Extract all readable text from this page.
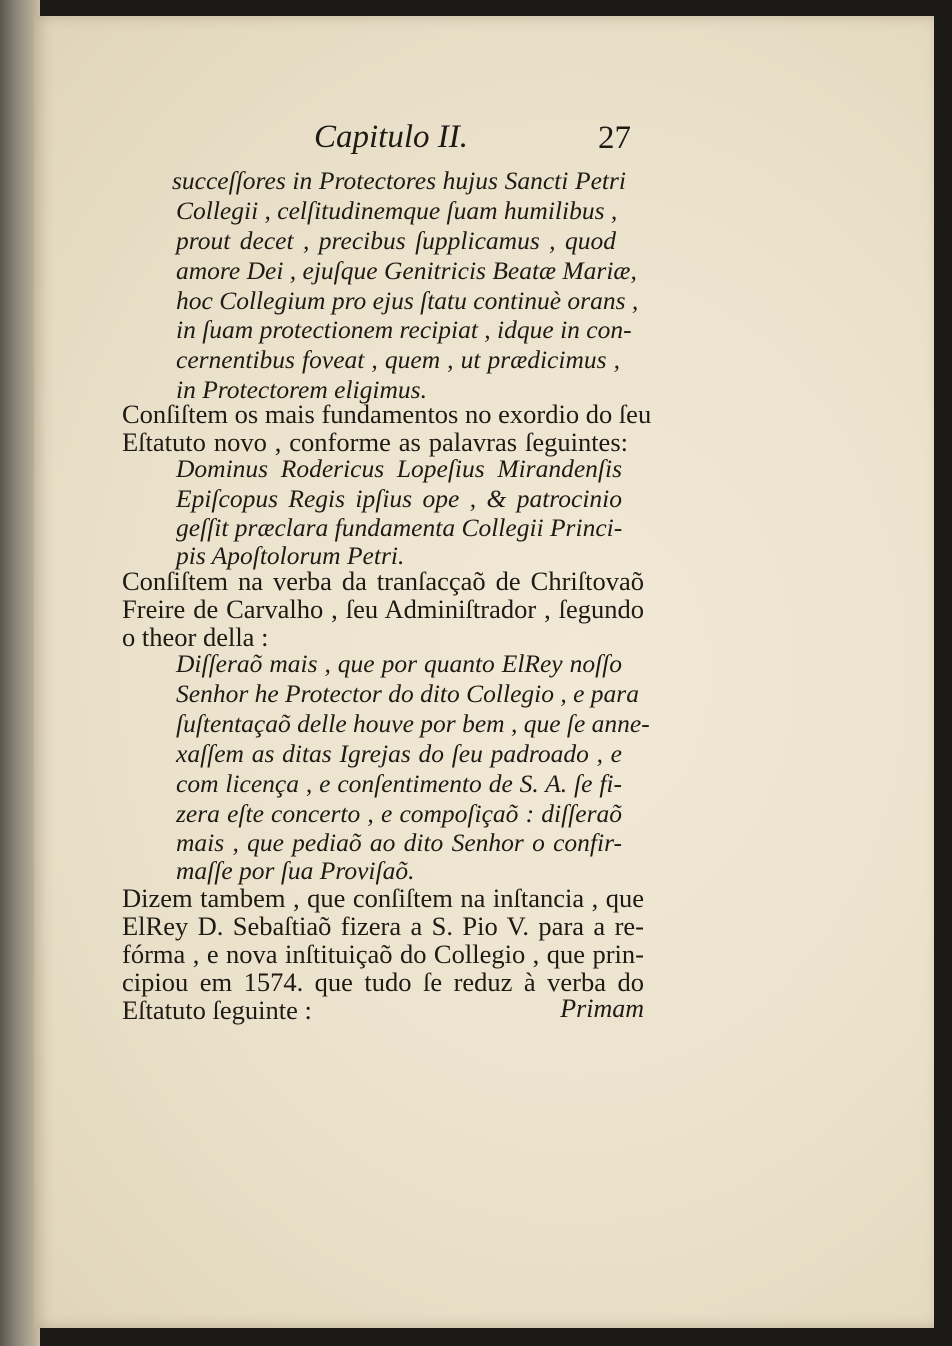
Capitulo II.	27
succeſſores in Protectores hujus Sancti Petri
Collegii , celſitudinemque ſuam humilibus ,
prout decet , precibus ſupplicamus , quod
amore Dei , ejuſque Genitricis Beatæ Mariæ,
hoc Collegium pro ejus ſtatu continuè orans ,
in ſuam protectionem recipiat , idque in con-
cernentibus foveat , quem , ut prædicimus ,
in Protectorem eligimus.
Conſiſtem os mais fundamentos no exordio do ſeu
Eſtatuto novo , conforme as palavras ſeguintes:
Dominus Rodericus Lopeſius Mirandenſis
Epiſcopus Regis ipſius ope , & patrocinio
geſſit præclara fundamenta Collegii Princi-
pis Apoſtolorum Petri.
Conſiſtem na verba da tranſacçaõ de Chriſtovaõ
Freire de Carvalho , ſeu Adminiſtrador , ſegundo
o theor della :
Diſſeraõ mais , que por quanto ElRey noſſo
Senhor he Protector do dito Collegio , e para
ſuſtentaçaõ delle houve por bem , que ſe anne-
xaſſem as ditas Igrejas do ſeu padroado , e
com licença , e conſentimento de S. A. ſe fi-
zera eſte concerto , e compoſiçaõ : diſſeraõ
mais , que pediaõ ao dito Senhor o confir-
maſſe por ſua Proviſaõ.
Dizem tambem , que conſiſtem na inſtancia , que
ElRey D. Sebaſtiaõ fizera a S. Pio V. para a re-
fórma , e nova inſtituiçaõ do Collegio , que prin-
cipiou em 1574. que tudo ſe reduz à verba do
Eſtatuto ſeguinte :	Primam
